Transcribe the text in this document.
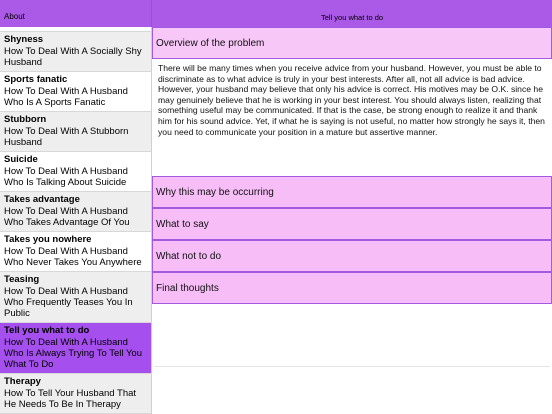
About	Tell you what to do
Shyness
How To Deal With A Socially Shy Husband
Sports fanatic
How To Deal With A Husband Who Is A Sports Fanatic
Stubborn
How To Deal With A Stubborn Husband
Suicide
How To Deal With A Husband Who Is Talking About Suicide
Takes advantage
How To Deal With A Husband Who Takes Advantage Of You
Takes you nowhere
How To Deal With A Husband Who Never Takes You Anywhere
Teasing
How To Deal With A Husband Who Frequently Teases You In Public
Tell you what to do
How To Deal With A Husband Who Is Always Trying To Tell You What To Do
Therapy
How To Tell Your Husband That He Needs To Be In Therapy
Overview of the problem
There will be many times when you receive advice from your husband. However, you must be able to discriminate as to what advice is truly in your best interests. After all, not all advice is bad advice. However, your husband may believe that only his advice is correct. His motives may be O.K. since he may genuinely believe that he is working in your best interest. You should always listen, realizing that something useful may be communicated. If that is the case, be strong enough to realize it and thank him for his sound advice. Yet, if what he is saying is not useful, no matter how strongly he says it, then you need to communicate your position in a mature but assertive manner.
Why this may be occurring
What to say
What not to do
Final thoughts
